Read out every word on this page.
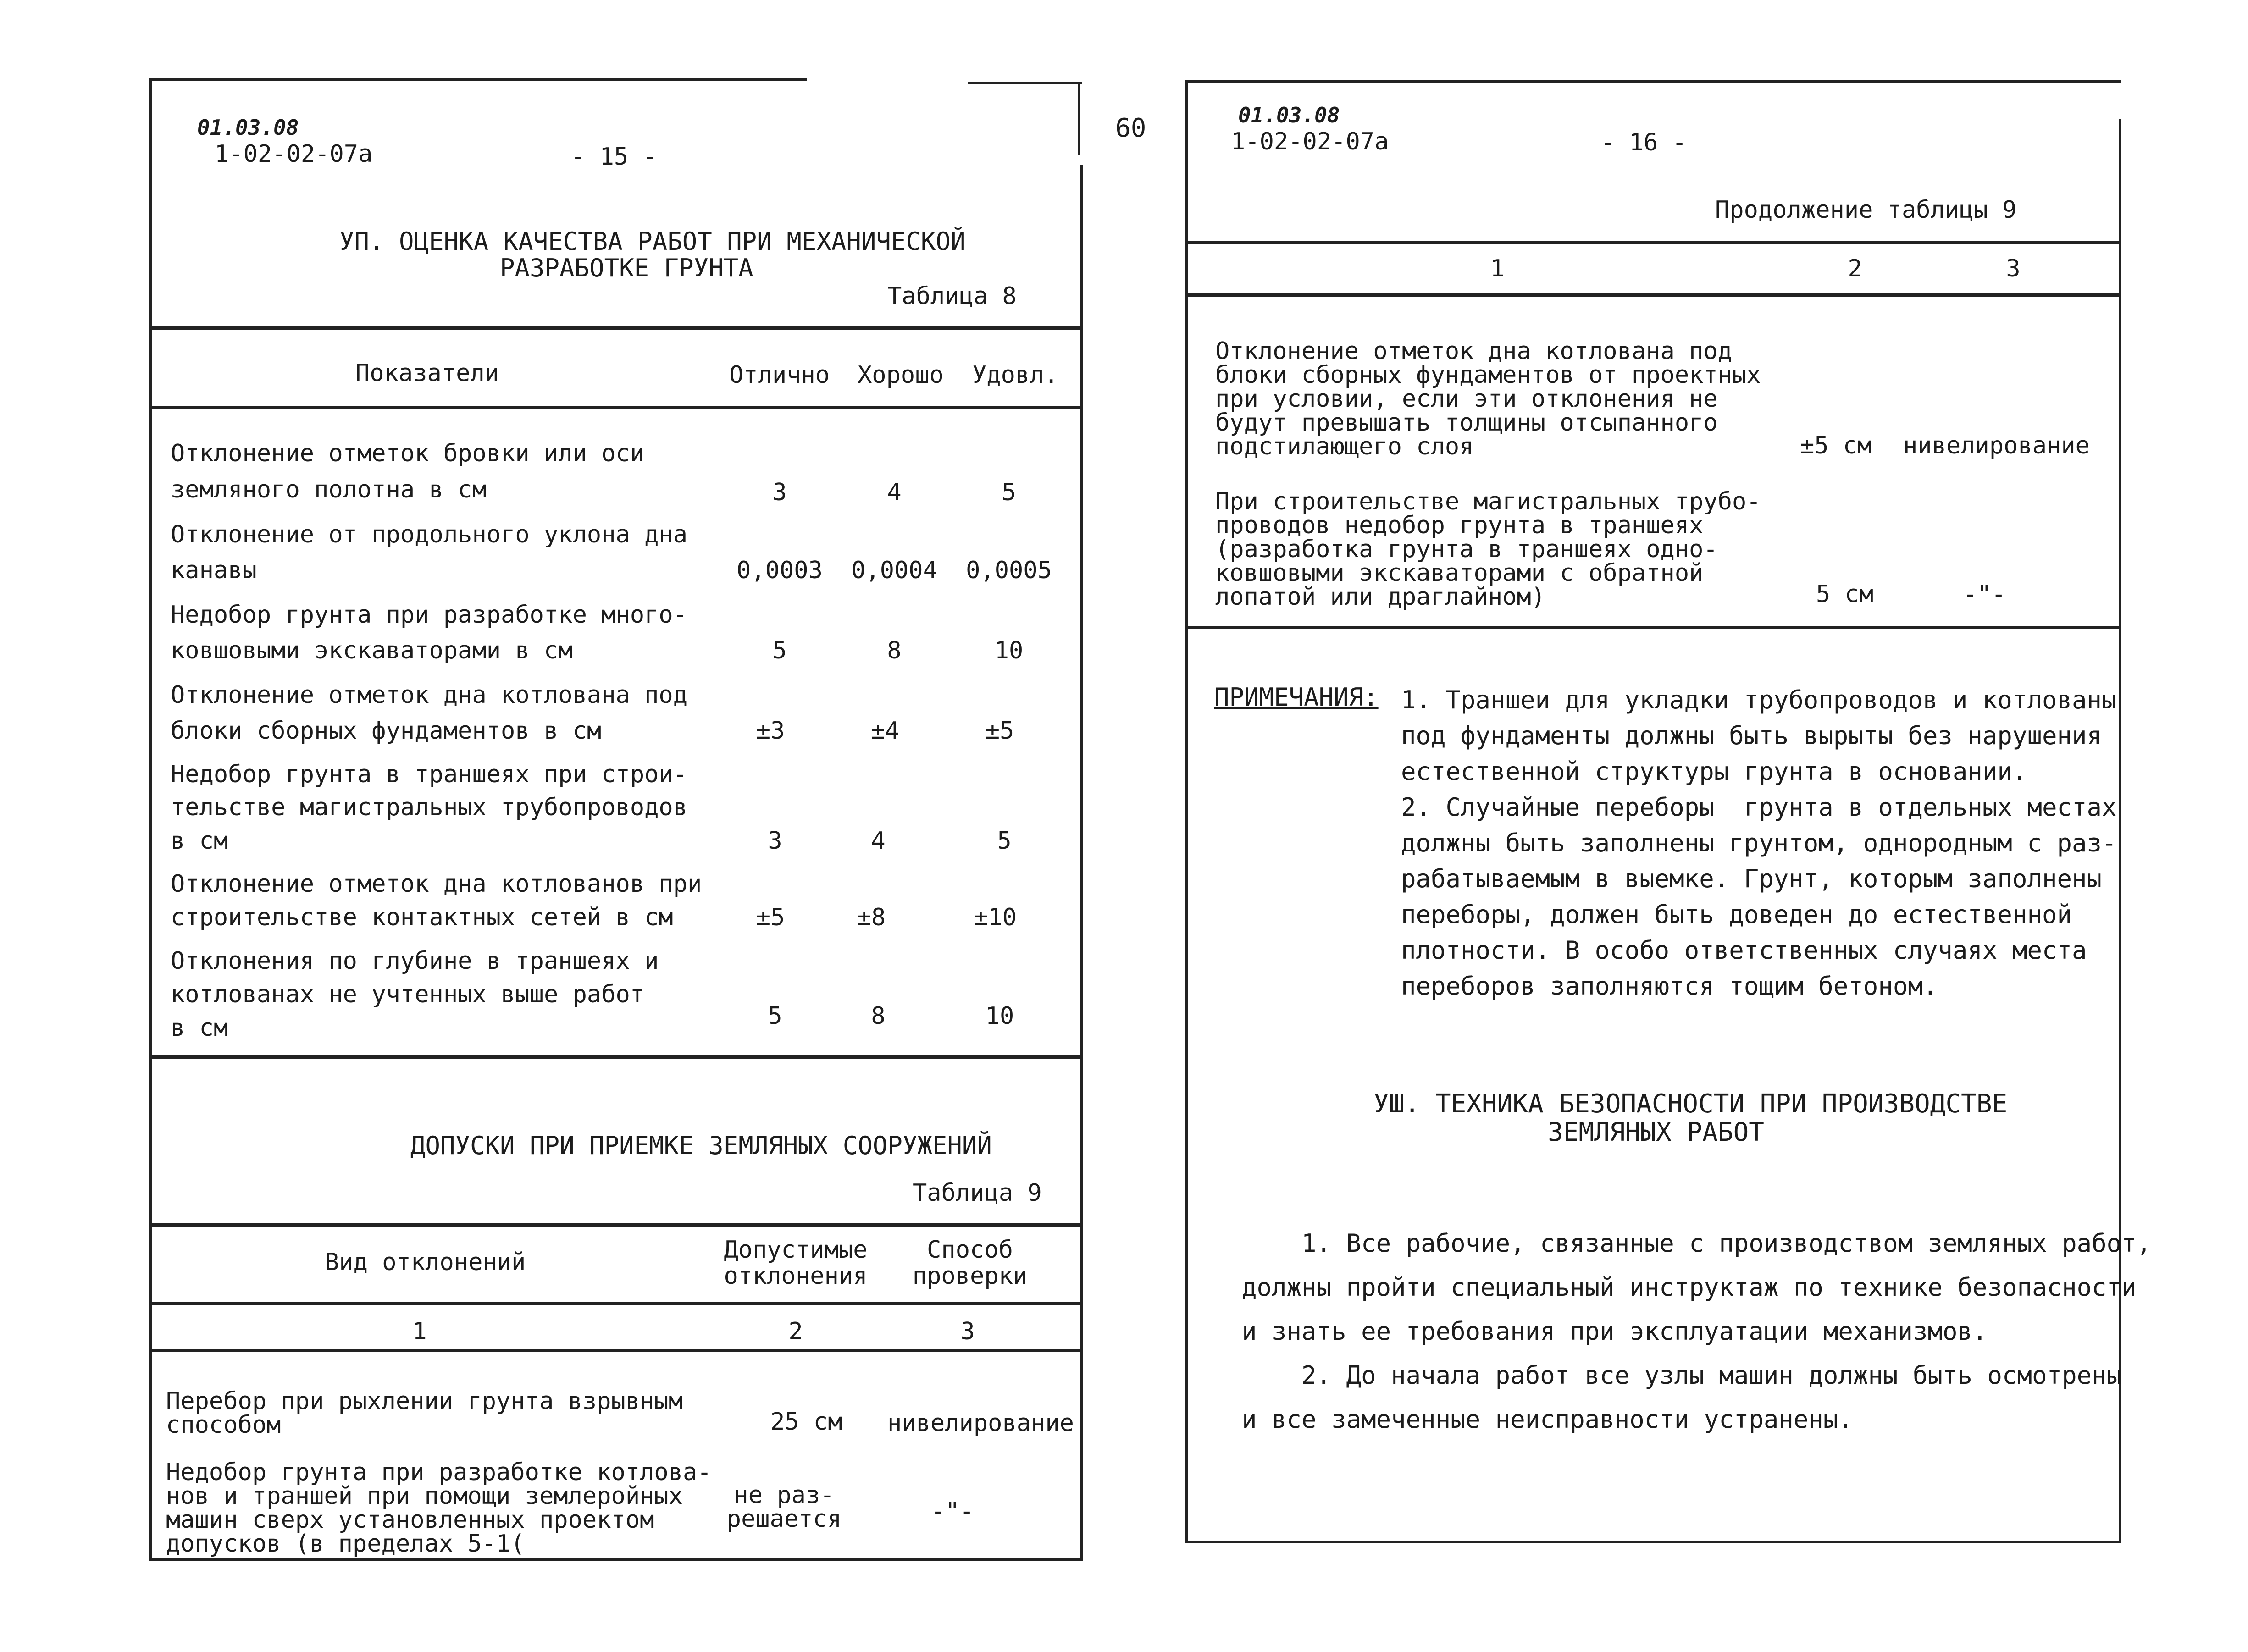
01.03.08
1-02-02-07a	- 15 -
УП. ОЦЕНКА КАЧЕСТВА РАБОТ ПРИ МЕХАНИЧЕСКОЙ
РАЗРАБОТКЕ ГРУНТА
Таблица 8
Показатели	Отлично Хорошо Удовл.
Отклонение отметок бровки или оси
земляного полотна в см	3	4	5
Отклонение от продольного уклона дна
канавы	0,0003	0,0004	0,0005
Недобор грунта при разработке много-
ковшовыми экскаваторами в см	5	8	10
Отклонение отметок дна котлована под
блоки сборных фундаментов в см	±3	±4	±5
Недобор грунта в траншеях при строи-
тельстве магистральных трубопроводов
в см	3	4	5
Отклонение отметок дна котлованов при
строительстве контактных сетей в см	±5	±8	±10
Отклонения по глубине в траншеях и
котлованах не учтенных выше работ
в см	5	8	10
ДОПУСКИ ПРИ ПРИЕМКЕ ЗЕМЛЯНЫХ СООРУЖЕНИЙ
Таблица 9
Вид отклонений	Допустимые
отклонения
Способ
проверки
1	2	3
Перебор при рыхлении грунта взрывным
способом	25 см нивелирование
Недобор грунта при разработке котлова-
нов и траншей при помощи землеройных
машин сверх установленных проектом
допусков (в пределах 5-1(
не раз-
решается	-"-
60	01.03.08
1-02-02-07a	- 16 -
Продолжение таблицы 9
1	2	3
Отклонение отметок дна котлована под
блоки сборных фундаментов от проектных
при условии, если эти отклонения не
будут превышать толщины отсыпанного
подстилающего слоя	±5 см нивелирование
При строительстве магистральных трубо-
проводов недобор грунта в траншеях
(разработка грунта в траншеях одно-
ковшовыми экскаваторами с обратной
лопатой или драглайном)	5 см	-"-
ПРИМЕЧАНИЯ: 1. Траншеи для укладки трубопроводов и котлованы
под фундаменты должны быть вырыты без нарушения
естественной структуры грунта в основании.
2. Случайные переборы  грунта в отдельных местах
должны быть заполнены грунтом, однородным с раз-
рабатываемым в выемке. Грунт, которым заполнены
переборы, должен быть доведен до естественной
плотности. В особо ответственных случаях места
переборов заполняются тощим бетоном.
УШ. ТЕХНИКА БЕЗОПАСНОСТИ ПРИ ПРОИЗВОДСТВЕ
ЗЕМЛЯНЫХ РАБОТ
1. Все рабочие, связанные с производством земляных работ,
должны пройти специальный инструктаж по технике безопасности
и знать ее требования при эксплуатации механизмов.
2. До начала работ все узлы машин должны быть осмотрены
и все замеченные неисправности устранены.
